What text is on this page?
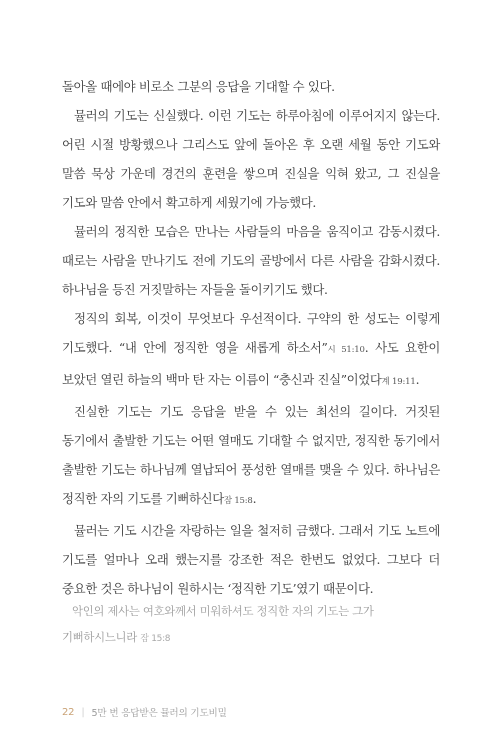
돌아올 때에야 비로소 그분의 응답을 기대할 수 있다.

뮬러의 기도는 신실했다. 이런 기도는 하루아침에 이루어지지 않는다. 어린 시절 방황했으나 그리스도 앞에 돌아온 후 오랜 세월 동안 기도와 말씀 묵상 가운데 경건의 훈련을 쌓으며 진실을 익혀 왔고, 그 진실을 기도와 말씀 안에서 확고하게 세웠기에 가능했다.

뮬러의 정직한 모습은 만나는 사람들의 마음을 움직이고 감동시켰다. 때로는 사람을 만나기도 전에 기도의 골방에서 다른 사람을 감화시켰다. 하나님을 등진 거짓말하는 자들을 돌이키기도 했다.

정직의 회복, 이것이 무엇보다 우선적이다. 구약의 한 성도는 이렇게 기도했다. “내 안에 정직한 영을 새롭게 하소서”시 51:10. 사도 요한이 보았던 열린 하늘의 백마 탄 자는 이름이 “충신과 진실”이었다계 19:11.

진실한 기도는 기도 응답을 받을 수 있는 최선의 길이다. 거짓된 동기에서 출발한 기도는 어떤 열매도 기대할 수 없지만, 정직한 동기에서 출발한 기도는 하나님께 열납되어 풍성한 열매를 맺을 수 있다. 하나님은 정직한 자의 기도를 기뻐하신다잠 15:8.

뮬러는 기도 시간을 자랑하는 일을 철저히 금했다. 그래서 기도 노트에 기도를 얼마나 오래 했는지를 강조한 적은 한번도 없었다. 그보다 더 중요한 것은 하나님이 원하시는 ‘정직한 기도’였기 때문이다.

악인의 제사는 여호와께서 미워하셔도 정직한 자의 기도는 그가 기뻐하시느니라 잠 15:8
22 | 5만 번 응답받은 뮬러의 기도비밀
